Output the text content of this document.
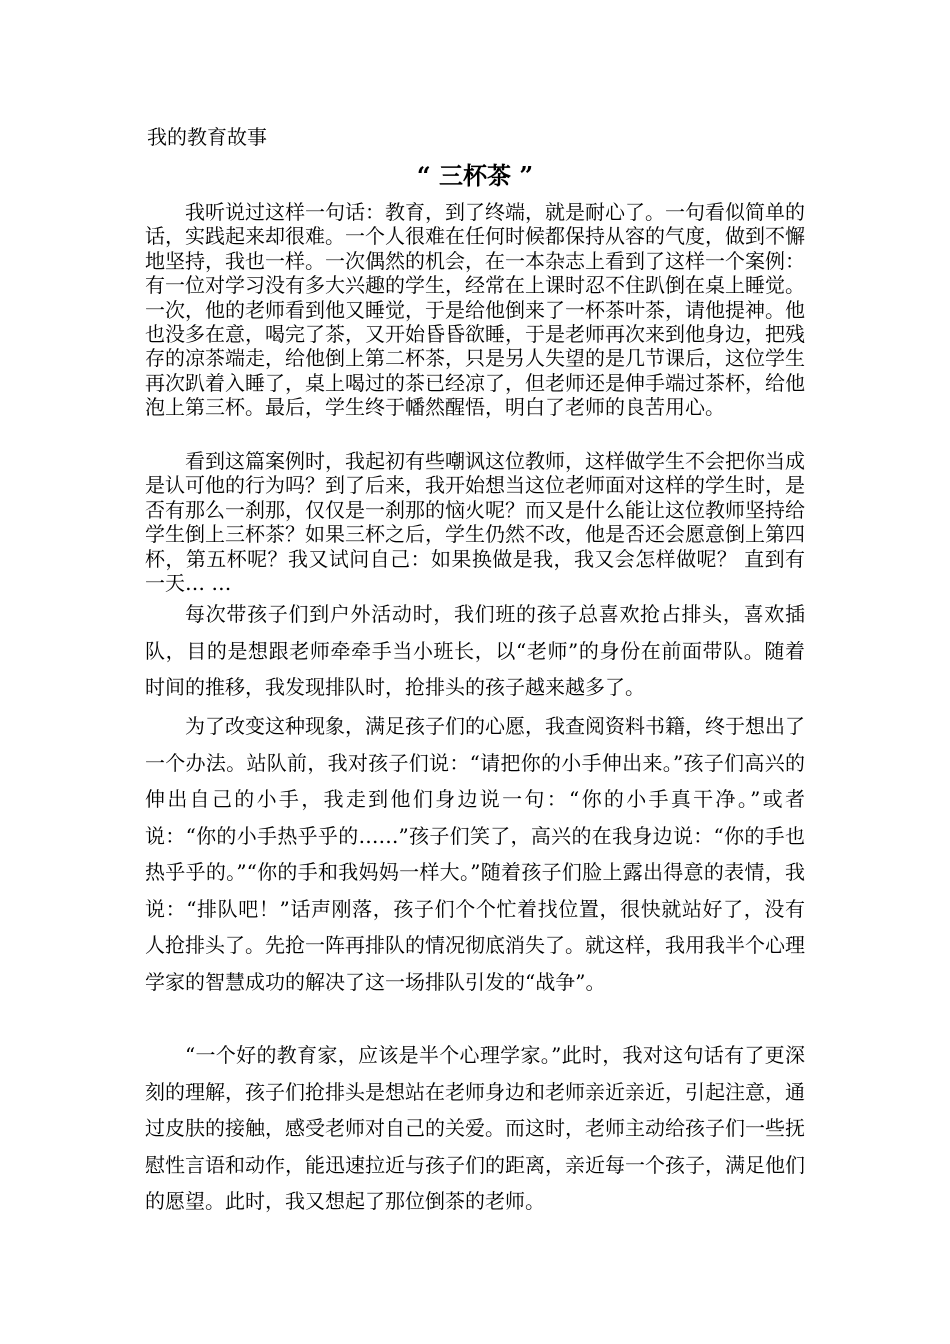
我的教育故事
“ 三杯茶 ”

我听说过这样一句话：教育，到了终端，就是耐心了。一句看似简单的话，实践起来却很难。一个人很难在任何时候都保持从容的气度，做到不懈地坚持，我也一样。一次偶然的机会，在一本杂志上看到了这样一个案例：有一位对学习没有多大兴趣的学生，经常在上课时忍不住趴倒在桌上睡觉。一次，他的老师看到他又睡觉，于是给他倒来了一杯茶叶茶，请他提神。他也没多在意，喝完了茶，又开始昏昏欲睡，于是老师再次来到他身边，把残存的凉茶端走，给他倒上第二杯茶，只是另人失望的是几节课后，这位学生再次趴着入睡了，桌上喝过的茶已经凉了，但老师还是伸手端过茶杯，给他泡上第三杯。最后，学生终于幡然醒悟，明白了老师的良苦用心。

看到这篇案例时，我起初有些嘲讽这位教师，这样做学生不会把你当成是认可他的行为吗？到了后来，我开始想当这位老师面对这样的学生时，是否有那么一刹那，仅仅是一刹那的恼火呢？而又是什么能让这位教师坚持给学生倒上三杯茶？如果三杯之后，学生仍然不改，他是否还会愿意倒上第四杯，第五杯呢？我又试问自己：如果换做是我，我又会怎样做呢？ 直到有一天… …

每次带孩子们到户外活动时，我们班的孩子总喜欢抢占排头，喜欢插队，目的是想跟老师牵牵手当小班长，以“老师”的身份在前面带队。随着时间的推移，我发现排队时，抢排头的孩子越来越多了。

为了改变这种现象，满足孩子们的心愿，我查阅资料书籍，终于想出了一个办法。站队前，我对孩子们说：“请把你的小手伸出来。”孩子们高兴的伸出自己的小手，我走到他们身边说一句：“你的小手真干净。”或者说：“你的小手热乎乎的……”孩子们笑了，高兴的在我身边说：“你的手也热乎乎的。”“你的手和我妈妈一样大。”随着孩子们脸上露出得意的表情，我说：“排队吧！”话声刚落，孩子们个个忙着找位置，很快就站好了，没有人抢排头了。先抢一阵再排队的情况彻底消失了。就这样，我用我半个心理学家的智慧成功的解决了这一场排队引发的“战争”。

“一个好的教育家，应该是半个心理学家。”此时，我对这句话有了更深刻的理解，孩子们抢排头是想站在老师身边和老师亲近亲近，引起注意，通过皮肤的接触，感受老师对自己的关爱。而这时，老师主动给孩子们一些抚慰性言语和动作，能迅速拉近与孩子们的距离，亲近每一个孩子，满足他们的愿望。此时，我又想起了那位倒茶的老师。
